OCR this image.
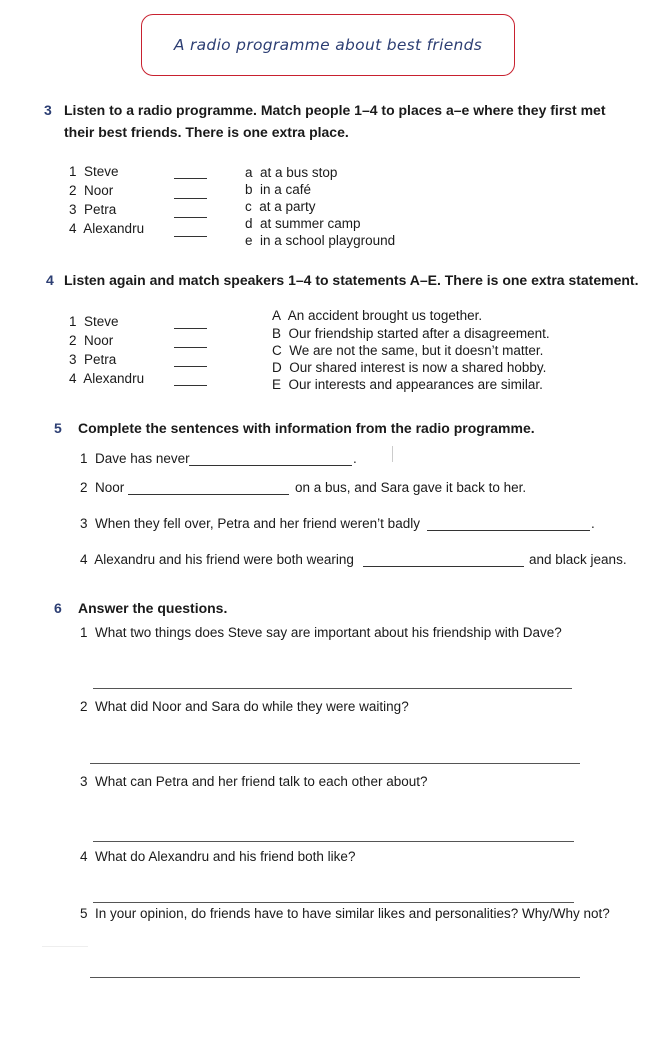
A radio programme about best friends
3 Listen to a radio programme. Match people 1–4 to places a–e where they first met
their best friends. There is one extra place.
1 Steve
2 Noor
3 Petra
4 Alexandru
a at a bus stop
b in a café
c at a party
d at summer camp
e in a school playground
4 Listen again and match speakers 1–4 to statements A–E. There is one extra statement.
1 Steve
2 Noor
3 Petra
4 Alexandru
A An accident brought us together.
B Our friendship started after a disagreement.
C We are not the same, but it doesn’t matter.
D Our shared interest is now a shared hobby.
E Our interests and appearances are similar.
5 Complete the sentences with information from the radio programme.
1 Dave has never	.
2 Noor	on a bus, and Sara gave it back to her.
3 When they fell over, Petra and her friend weren’t badly	.
4 Alexandru and his friend were both wearing	and black jeans.
6 Answer the questions.
1 What two things does Steve say are important about his friendship with Dave?
2 What did Noor and Sara do while they were waiting?
3 What can Petra and her friend talk to each other about?
4 What do Alexandru and his friend both like?
5 In your opinion, do friends have to have similar likes and personalities? Why/Why not?
